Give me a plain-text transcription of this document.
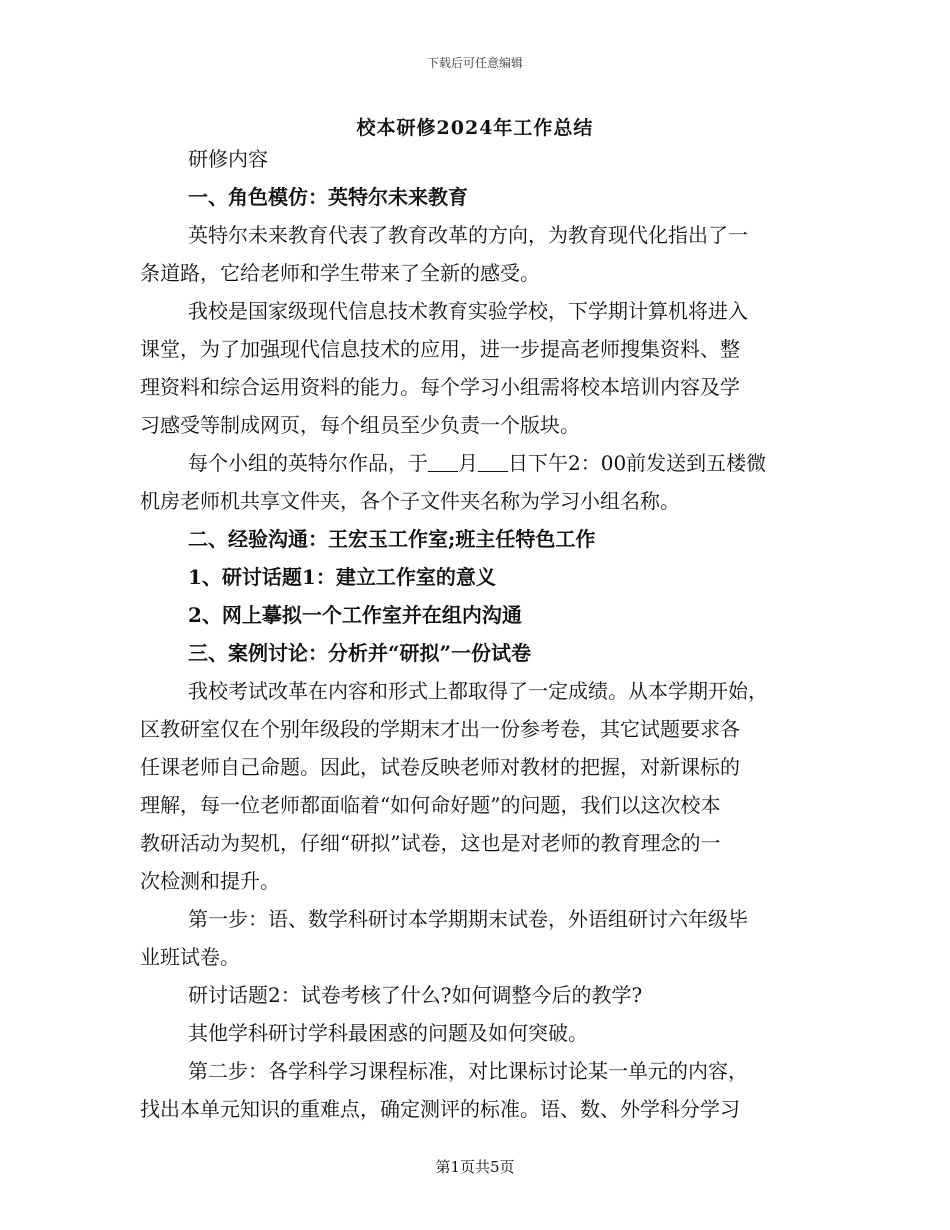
下载后可任意编辑
校本研修2024年工作总结
研修内容
一、角色模仿：英特尔未来教育
英特尔未来教育代表了教育改革的方向，为教育现代化指出了一
条道路，它给老师和学生带来了全新的感受。
我校是国家级现代信息技术教育实验学校，下学期计算机将进入
课堂，为了加强现代信息技术的应用，进一步提高老师搜集资料、整
理资料和综合运用资料的能力。每个学习小组需将校本培训内容及学
习感受等制成网页，每个组员至少负责一个版块。
每个小组的英特尔作品，于 月 日下午2：00前发送到五楼微
机房老师机共享文件夹，各个子文件夹名称为学习小组名称。
二、经验沟通：王宏玉工作室;班主任特色工作
1、研讨话题1：建立工作室的意义
2、网上摹拟一个工作室并在组内沟通
三、案例讨论：分析并“研拟”一份试卷
我校考试改革在内容和形式上都取得了一定成绩。从本学期开始，
区教研室仅在个别年级段的学期末才出一份参考卷，其它试题要求各
任课老师自己命题。因此，试卷反映老师对教材的把握，对新课标的
理解，每一位老师都面临着“如何命好题”的问题，我们以这次校本
教研活动为契机，仔细“研拟”试卷，这也是对老师的教育理念的一
次检测和提升。
第一步：语、数学科研讨本学期期末试卷，外语组研讨六年级毕
业班试卷。
研讨话题2：试卷考核了什么?如何调整今后的教学?
其他学科研讨学科最困惑的问题及如何突破。
第二步：各学科学习课程标准，对比课标讨论某一单元的内容，
找出本单元知识的重难点，确定测评的标准。语、数、外学科分学习
第1页共5页
